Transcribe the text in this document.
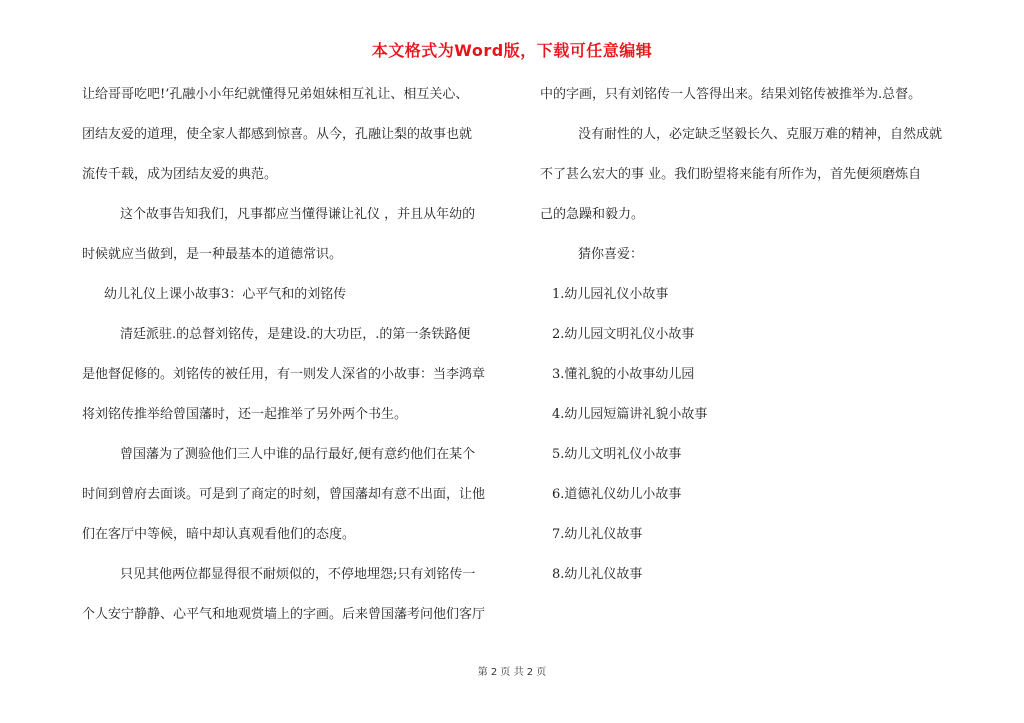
本文格式为Word版，下载可任意编辑
让给哥哥吃吧!’孔融小小年纪就懂得兄弟姐妹相互礼让、相互关心、
团结友爱的道理，使全家人都感到惊喜。从今，孔融让梨的故事也就
流传千载，成为团结友爱的典范。
这个故事告知我们，凡事都应当懂得谦让礼仪 ，并且从年幼的
时候就应当做到，是一种最基本的道德常识。
幼儿礼仪上课小故事3：心平气和的刘铭传
清廷派驻.的总督刘铭传，是建设.的大功臣，.的第一条铁路便
是他督促修的。刘铭传的被任用，有一则发人深省的小故事：当李鸿章
将刘铭传推举给曾国藩时，还一起推举了另外两个书生。
曾国藩为了测验他们三人中谁的品行最好,便有意约他们在某个
时间到曾府去面谈。可是到了商定的时刻，曾国藩却有意不出面，让他
们在客厅中等候，暗中却认真观看他们的态度。
只见其他两位都显得很不耐烦似的，不停地埋怨;只有刘铭传一
个人安宁静静、心平气和地观赏墙上的字画。后来曾国藩考问他们客厅
中的字画，只有刘铭传一人答得出来。结果刘铭传被推举为.总督。
没有耐性的人，必定缺乏坚毅长久、克服万难的精神，自然成就
不了甚么宏大的事 业。我们盼望将来能有所作为，首先便须磨炼自
己的急躁和毅力。
猜你喜爱：
1.幼儿园礼仪小故事
2.幼儿园文明礼仪小故事
3.懂礼貌的小故事幼儿园
4.幼儿园短篇讲礼貌小故事
5.幼儿文明礼仪小故事
6.道德礼仪幼儿小故事
7.幼儿礼仪故事
8.幼儿礼仪故事
第 2 页 共 2 页
